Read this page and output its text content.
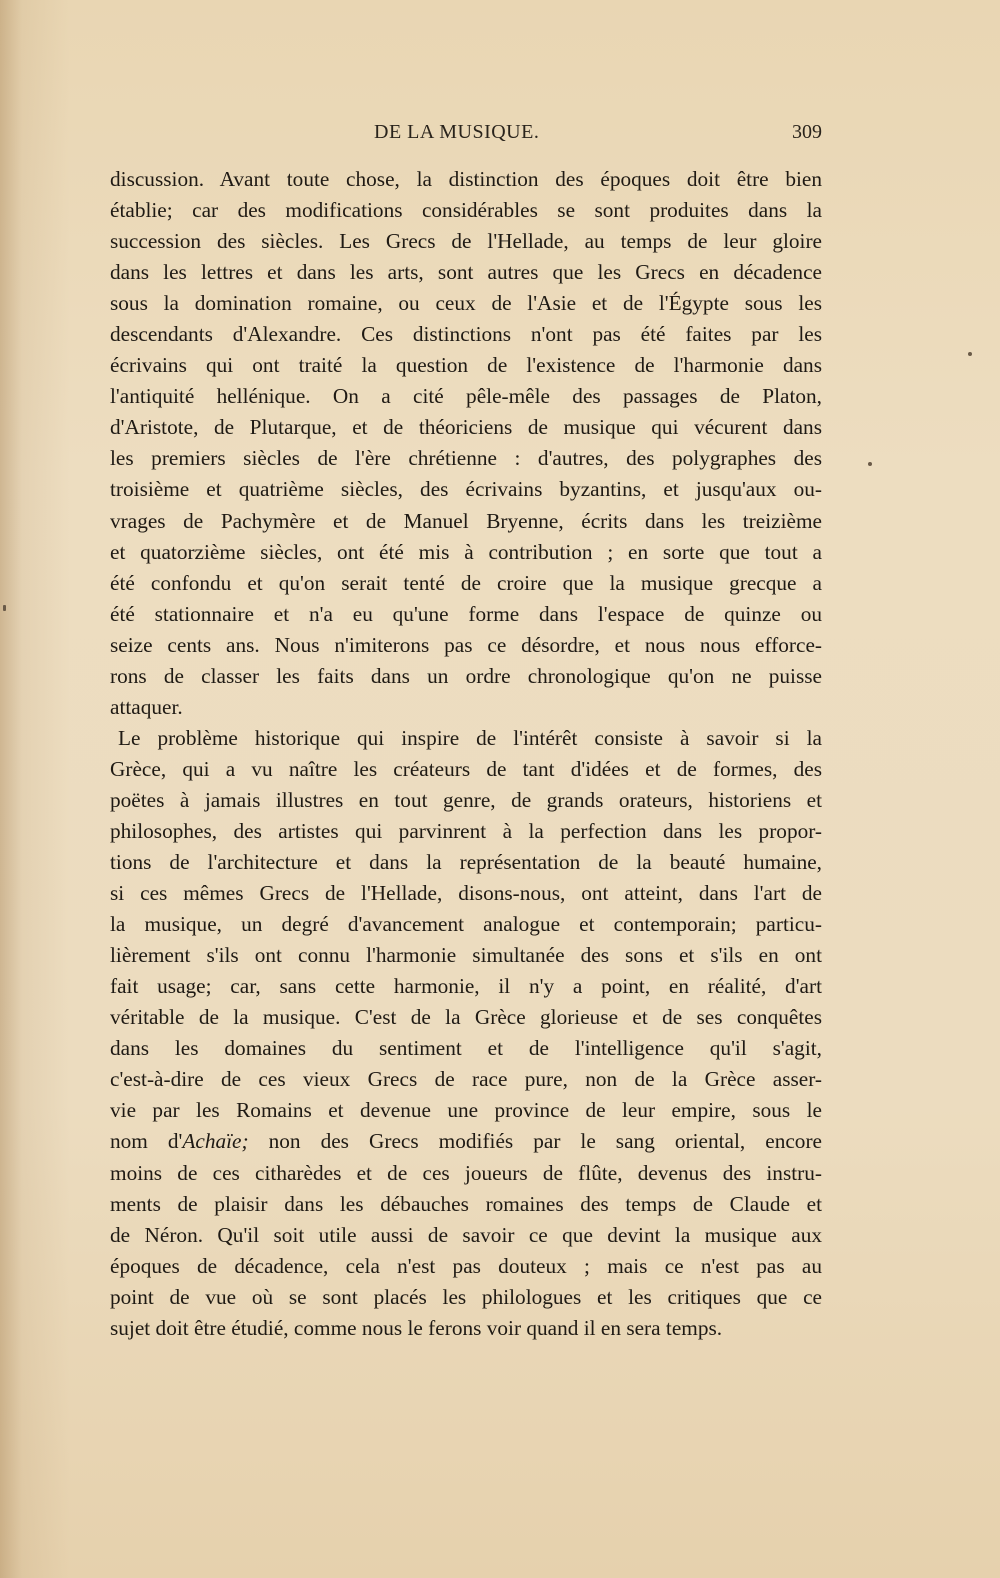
DE LA MUSIQUE.	309
discussion. Avant toute chose, la distinction des époques doit être bien
établie; car des modifications considérables se sont produites dans la
succession des siècles. Les Grecs de l'Hellade, au temps de leur gloire
dans les lettres et dans les arts, sont autres que les Grecs en décadence
sous la domination romaine, ou ceux de l'Asie et de l'Égypte sous les
descendants d'Alexandre. Ces distinctions n'ont pas été faites par les
écrivains qui ont traité la question de l'existence de l'harmonie dans
l'antiquité hellénique. On a cité pêle-mêle des passages de Platon,
d'Aristote, de Plutarque, et de théoriciens de musique qui vécurent dans
les premiers siècles de l'ère chrétienne : d'autres, des polygraphes des
troisième et quatrième siècles, des écrivains byzantins, et jusqu'aux ou-
vrages de Pachymère et de Manuel Bryenne, écrits dans les treizième
et quatorzième siècles, ont été mis à contribution ; en sorte que tout a
été confondu et qu'on serait tenté de croire que la musique grecque a
été stationnaire et n'a eu qu'une forme dans l'espace de quinze ou
seize cents ans. Nous n'imiterons pas ce désordre, et nous nous efforce-
rons de classer les faits dans un ordre chronologique qu'on ne puisse
attaquer.
Le problème historique qui inspire de l'intérêt consiste à savoir si la
Grèce, qui a vu naître les créateurs de tant d'idées et de formes, des
poëtes à jamais illustres en tout genre, de grands orateurs, historiens et
philosophes, des artistes qui parvinrent à la perfection dans les propor-
tions de l'architecture et dans la représentation de la beauté humaine,
si ces mêmes Grecs de l'Hellade, disons-nous, ont atteint, dans l'art de
la musique, un degré d'avancement analogue et contemporain; particu-
lièrement s'ils ont connu l'harmonie simultanée des sons et s'ils en ont
fait usage; car, sans cette harmonie, il n'y a point, en réalité, d'art
véritable de la musique. C'est de la Grèce glorieuse et de ses conquêtes
dans les domaines du sentiment et de l'intelligence qu'il s'agit,
c'est-à-dire de ces vieux Grecs de race pure, non de la Grèce asser-
vie par les Romains et devenue une province de leur empire, sous le
nom d'Achaïe; non des Grecs modifiés par le sang oriental, encore
moins de ces citharèdes et de ces joueurs de flûte, devenus des instru-
ments de plaisir dans les débauches romaines des temps de Claude et
de Néron. Qu'il soit utile aussi de savoir ce que devint la musique aux
époques de décadence, cela n'est pas douteux ; mais ce n'est pas au
point de vue où se sont placés les philologues et les critiques que ce
sujet doit être étudié, comme nous le ferons voir quand il en sera temps.
